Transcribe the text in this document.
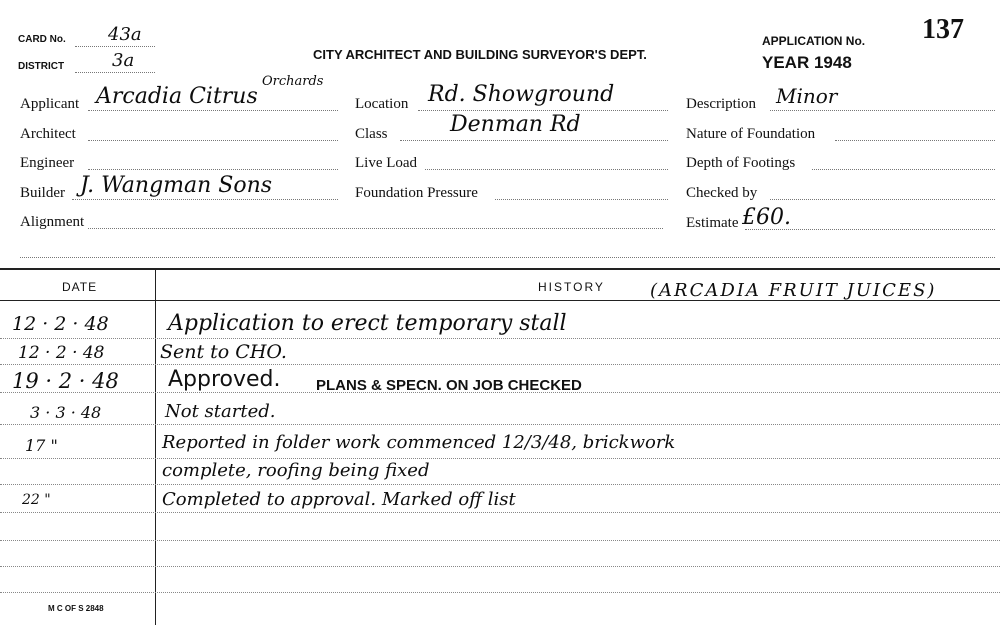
CARD No. 43a
DISTRICT	3a	CITY ARCHITECT AND BUILDING SURVEYOR'S DEPT.
APPLICATION No. 137
YEAR 1948
Orchards
Applicant Arcadia Citrus
Architect
Engineer
Builder J. Wangman Sons
Alignment
Location Rd. Showground
Class	Denman Rd
Live Load
Foundation Pressure
Description Minor
Nature of Foundation
Depth of Footings
Checked by
Estimate £60.
DATE	HISTORY	(ARCADIA FRUIT JUICES)
12 · 2 · 48	Application to erect temporary stall
12 · 2 · 48	Sent to CHO.
19 · 2 · 48 Approved. PLANS & SPECN. ON JOB CHECKED
3 · 3 · 48	Not started.
17 "	Reported in folder work commenced 12/3/48, brickwork
complete, roofing being fixed
22 "	Completed to approval. Marked off list
M C OF S 2848
